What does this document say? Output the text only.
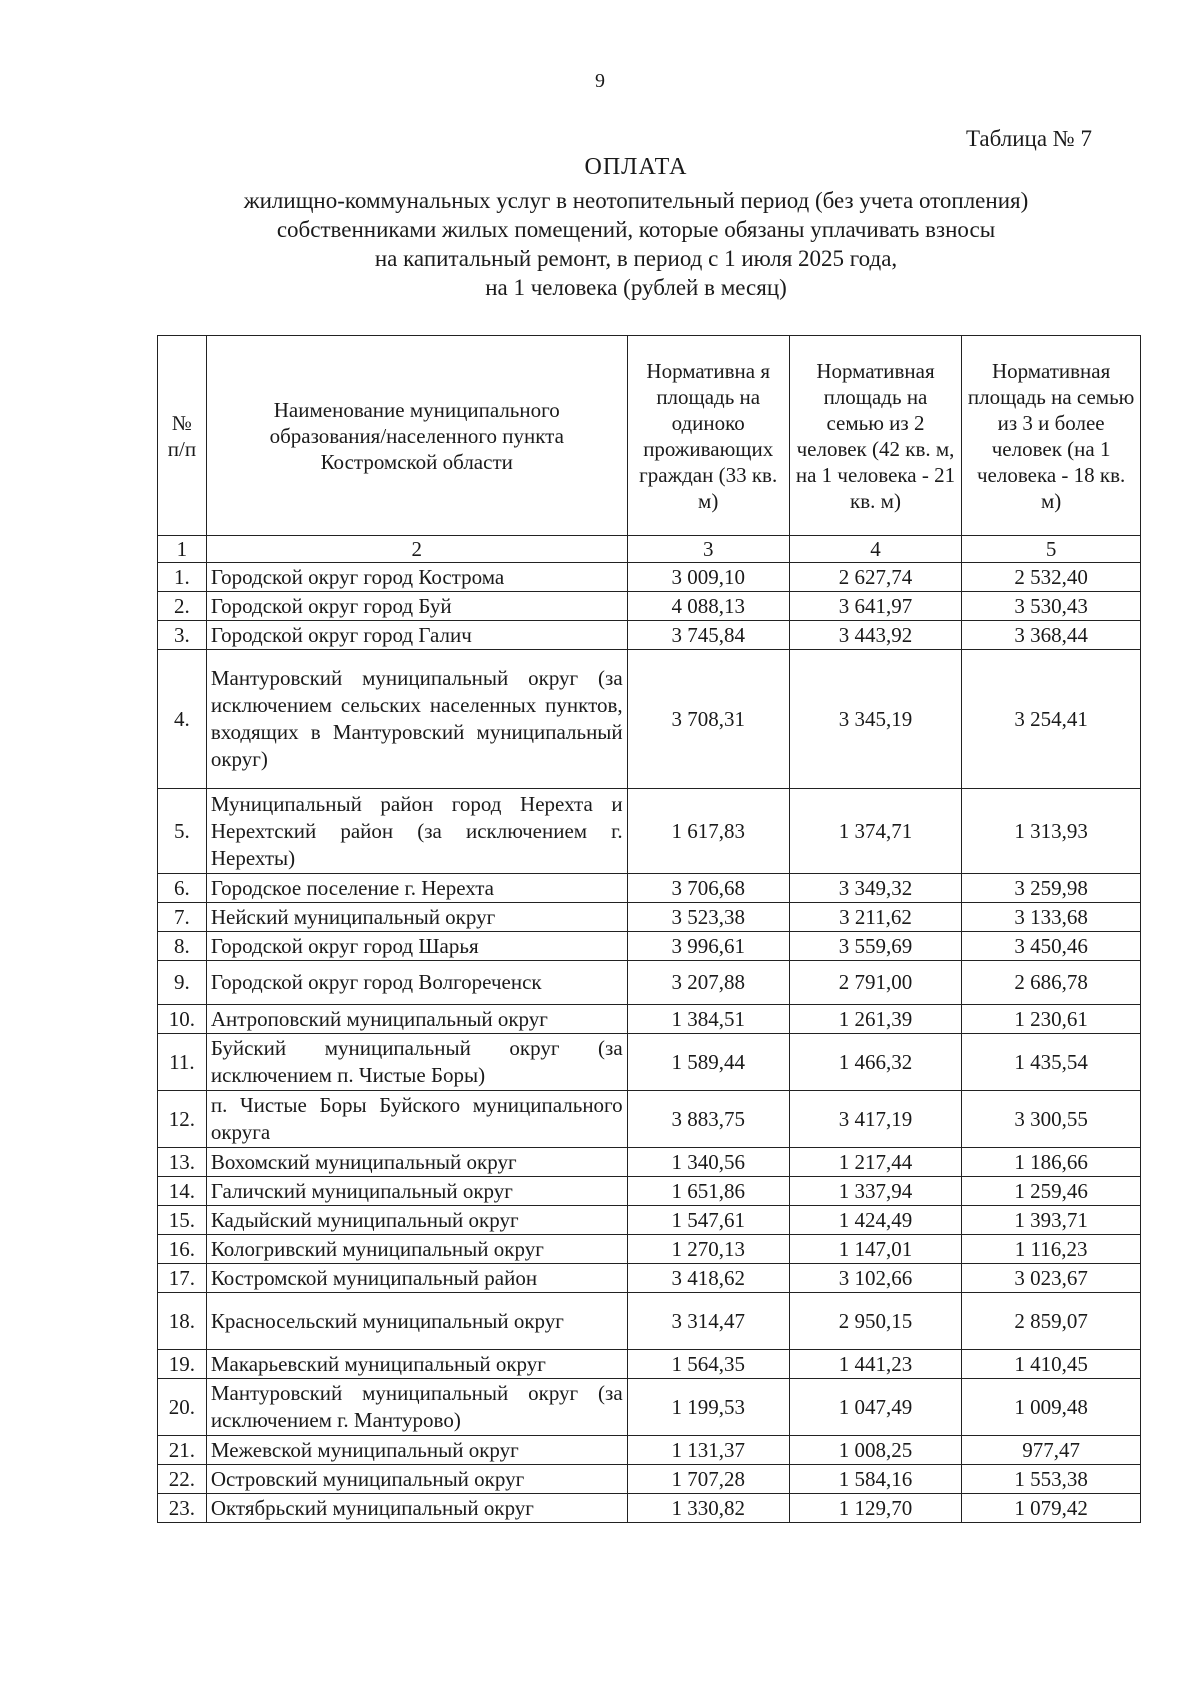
9
Таблица № 7
ОПЛАТА
жилищно-коммунальных услуг в неотопительный период (без учета отопления)
собственниками жилых помещений, которые обязаны уплачивать взносы
на капитальный ремонт, в период с 1 июля 2025 года,
на 1 человека (рублей в месяц)
№ п/п	Наименование муниципального образования/населенного пункта Костромской области	Нормативна я площадь на одиноко проживающих граждан (33 кв. м)	Нормативная площадь на семью из 2 человек (42 кв. м, на 1 человека - 21 кв. м)	Нормативная площадь на семью из 3 и более человек (на 1 человека - 18 кв. м)
1	2	3	4	5
1.	Городской округ город Кострома	3 009,10	2 627,74	2 532,40
2.	Городской округ город Буй	4 088,13	3 641,97	3 530,43
3.	Городской округ город Галич	3 745,84	3 443,92	3 368,44
4.	Мантуровский муниципальный округ (за исключением сельских населенных пунктов, входящих в Мантуровский муниципальный округ)	3 708,31	3 345,19	3 254,41
5.	Муниципальный район город Нерехта и Нерехтский район (за исключением г. Нерехты)	1 617,83	1 374,71	1 313,93
6.	Городское поселение г. Нерехта	3 706,68	3 349,32	3 259,98
7.	Нейский муниципальный округ	3 523,38	3 211,62	3 133,68
8.	Городской округ город Шарья	3 996,61	3 559,69	3 450,46
9.	Городской округ город Волгореченск	3 207,88	2 791,00	2 686,78
10.	Антроповский муниципальный округ	1 384,51	1 261,39	1 230,61
11.	Буйский муниципальный округ (за исключением п. Чистые Боры)	1 589,44	1 466,32	1 435,54
12.	п. Чистые Боры Буйского муниципального округа	3 883,75	3 417,19	3 300,55
13.	Вохомский муниципальный округ	1 340,56	1 217,44	1 186,66
14.	Галичский муниципальный округ	1 651,86	1 337,94	1 259,46
15.	Кадыйский муниципальный округ	1 547,61	1 424,49	1 393,71
16.	Кологривский муниципальный округ	1 270,13	1 147,01	1 116,23
17.	Костромской муниципальный район	3 418,62	3 102,66	3 023,67
18.	Красносельский муниципальный округ	3 314,47	2 950,15	2 859,07
19.	Макарьевский муниципальный округ	1 564,35	1 441,23	1 410,45
20.	Мантуровский муниципальный округ (за исключением г. Мантурово)	1 199,53	1 047,49	1 009,48
21.	Межевской муниципальный округ	1 131,37	1 008,25	977,47
22.	Островский муниципальный округ	1 707,28	1 584,16	1 553,38
23.	Октябрьский муниципальный округ	1 330,82	1 129,70	1 079,42
